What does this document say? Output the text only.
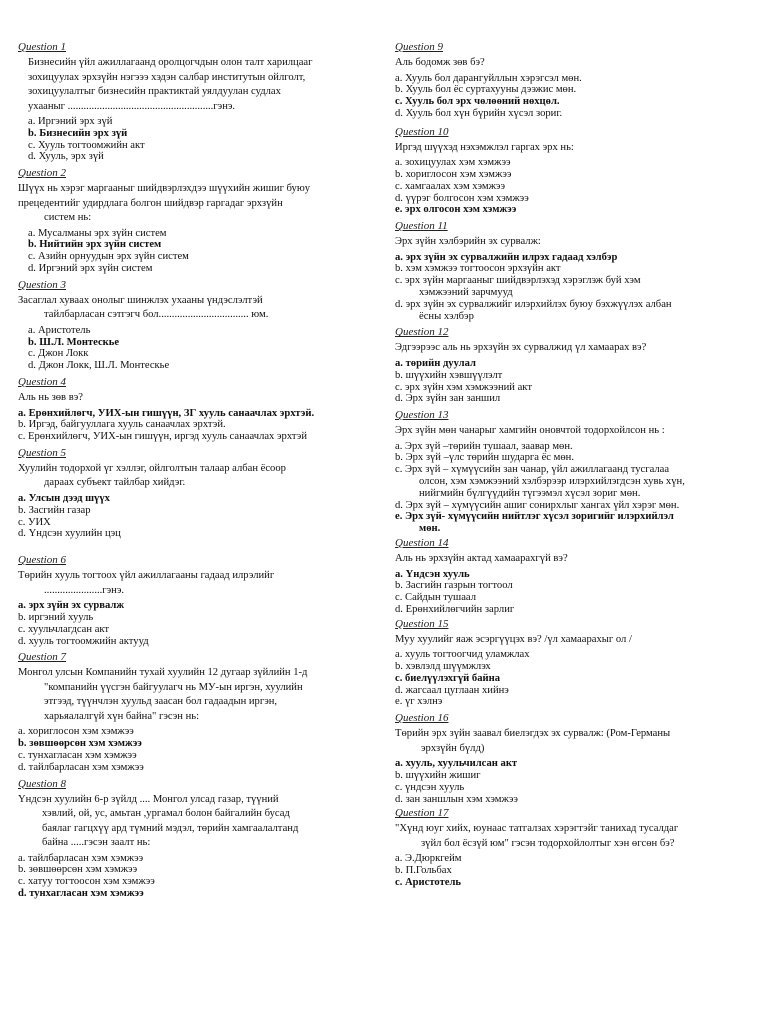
Question 1
Бизнесийн үйл ажиллагаанд оролцогчдын олон талт харилцааг
зохицуулах эрхзүйн нэгэээ хэдэн салбар институтын ойлголт,
зохицуулалтыг бизнесийн практиктай уялдуулан судлах
ухааныг .......................................................гэнэ.
a. Иргэний эрх зүй
b. Бизнесийн эрх зүй
c. Хууль тогтоомжийн акт
d. Хууль, эрх зүй
Question 2
Шүүх нь хэрэг маргааныг шийдвэрлэхдээ шүүхийн жишиг буюу
прецедентийг удирдлага болгон шийдвэр гаргадаг эрхзүйн
систем нь:
a. Мусалманы эрх зүйн систем
b. Нийтийн эрх зүйн систем
c. Азийн орнуудын эрх зүйн систем
d. Иргэний эрх зүйн систем
Question 3
Засаглал хуваах онолыг шинжлэх ухааны үндэслэлтэй
тайлбарласан сэтгэгч бол.................................. юм.
a. Аристотель
b. Ш.Л. Монтескье
c. Джон Локк
d. Джон Локк, Ш.Л. Монтескье
Question 4
Аль нь зөв вэ?
a. Ерөнхийлөгч, УИХ-ын гишүүн, ЗГ хууль санаачлах эрхтэй.
b. Иргэд, байгууллага хууль санаачлах эрхтэй.
c. Ерөнхийлөгч, УИХ-ын гишүүн, иргэд хууль санаачлах эрхтэй
Question 5
Хуулийн тодорхой үг хэллэг, ойлголтын талаар албан ёсоор
дараах субъект тайлбар хийдэг.
a. Улсын дээд шүүх
b. Засгийн газар
c. УИХ
d. Үндсэн хуулийн цэц
Question 6
Төрийн хууль тогтоох үйл ажиллагааны гадаад илрэлийг
......................гэнэ.
a. эрх зүйн эх сурвалж
b. иргэний хууль
c. хуульчлагдсан акт
d. хууль тогтоомжийн актууд
Question 7
Монгол улсын Компанийн тухай хуулийн 12 дугаар зүйлийн 1-д
"компанийн үүсгэн байгуулагч нь МУ-ын иргэн, хуулийн
этгээд, түүнчлэн хуульд заасан бол гадаадын иргэн,
харьяалалгүй хүн байна" гэсэн нь:
a. хориглосон хэм хэмжээ
b. зөвшөөрсөн хэм хэмжээ
c. тунхагласан хэм хэмжээ
d. тайлбарласан хэм хэмжээ
Question 8
Үндсэн хуулийн 6-р зүйлд .... Монгол улсад газар, түүний
хэвлий, ой, ус, амьтан ,ургамал болон байгалийн бусад
баялаг гагцхүү ард түмний мэдэл, төрийн хамгаалалтанд
байна .....гэсэн заалт нь:
a. тайлбарласан хэм хэмжээ
b. зөвшөөрсөн хэм хэмжээ
c. хатуу тогтоосон хэм хэмжээ
d. тунхагласан хэм хэмжээ
Question 9
Аль бодомж зөв бэ?
a. Хууль бол дарангуйллын хэрэгсэл мөн.
b. Хууль бол ёс суртахууны дээжис мөн.
c. Хууль бол эрх чөлөөний нөхцөл.
d. Хууль бол хүн бүрийн хүсэл зориг.
Question 10
Иргэд шүүхэд нэхэмжлэл гаргах эрх нь:
a. зохицуулах хэм хэмжээ
b. хориглосон хэм хэмжээ
c. хамгаалах хэм хэмжээ
d. үүрэг болгосон хэм хэмжээ
e. эрх олгосон хэм хэмжээ
Question 11
Эрх зүйн хэлбэрийн эх сурвалж:
a. эрх зүйн эх сурвалжийн илрэх гадаад хэлбэр
b. хэм хэмжээ тогтоосон эрхзүйн акт
c. эрх зүйн маргааныг шийдвэрлэхэд хэрэглэж буй хэм
хэмжээний зарчмууд
d. эрх зүйн эх сурвалжийг илэрхийлэх буюу бэхжүүлэх албан
ёсны хэлбэр
Question 12
Эдгээрээс аль нь эрхзүйн эх сурвалжид үл хамаарах вэ?
a. төрийн дуулал
b. шүүхийн хэвшүүлэлт
c. эрх зүйн хэм хэмжээний акт
d. Эрх зүйн зан заншил
Question 13
Эрх зүйн мөн чанарыг хамгийн оновчтой тодорхойлсон нь :
a. Эрх зүй –төрийн тушаал, заавар мөн.
b. Эрх зүй –үлс төрийн шударга ёс мөн.
c. Эрх зүй – хүмүүсийн зан чанар, үйл ажиллагаанд тусгалаа
олсон, хэм хэмжээний хэлбэрээр илэрхийлэгдсэн хувь хүн,
нийгмийн бүлгүүдийн түгээмэл хүсэл зориг мөн.
d. Эрх зүй – хүмүүсийн ашиг сонирхлыг хангах үйл хэрэг мөн.
e. Эрх зүй- хүмүүсийн нийтлэг хүсэл зоригийг илэрхийлэл
мөн.
Question 14
Аль нь эрхзүйн актад хамаарахгүй вэ?
a. Үндсэн хууль
b. Засгийн газрын тогтоол
c. Сайдын тушаал
d. Ерөнхийлөгчийн зарлиг
Question 15
Муу хуулийг яаж эсэргүүцэх вэ? /үл хамаарахыг ол /
a. хууль тогтоогчид уламжлах
b. хэвлэлд шүүмжлэх
c. биелүүлэхгүй байна
d. жагсаал цуглаан хийнэ
e. үг хэлнэ
Question 16
Төрийн эрх зүйн заавал биелэгдэх эх сурвалж: (Ром-Германы
эрхзүйн бүлд)
a. хууль, хуульчилсан акт
b. шүүхийн жишиг
c. үндсэн хууль
d. зан заншлын хэм хэмжээ
Question 17
"Хүнд юуг хийх, юунаас татгалзах хэрэгтэйг танихад тусалдаг
зүйл бол ёсзүй юм" гэсэн тодорхойлолтыг хэн өгсөн бэ?
a. Э.Дюркгейм
b. П.Гольбах
c. Аристотель
